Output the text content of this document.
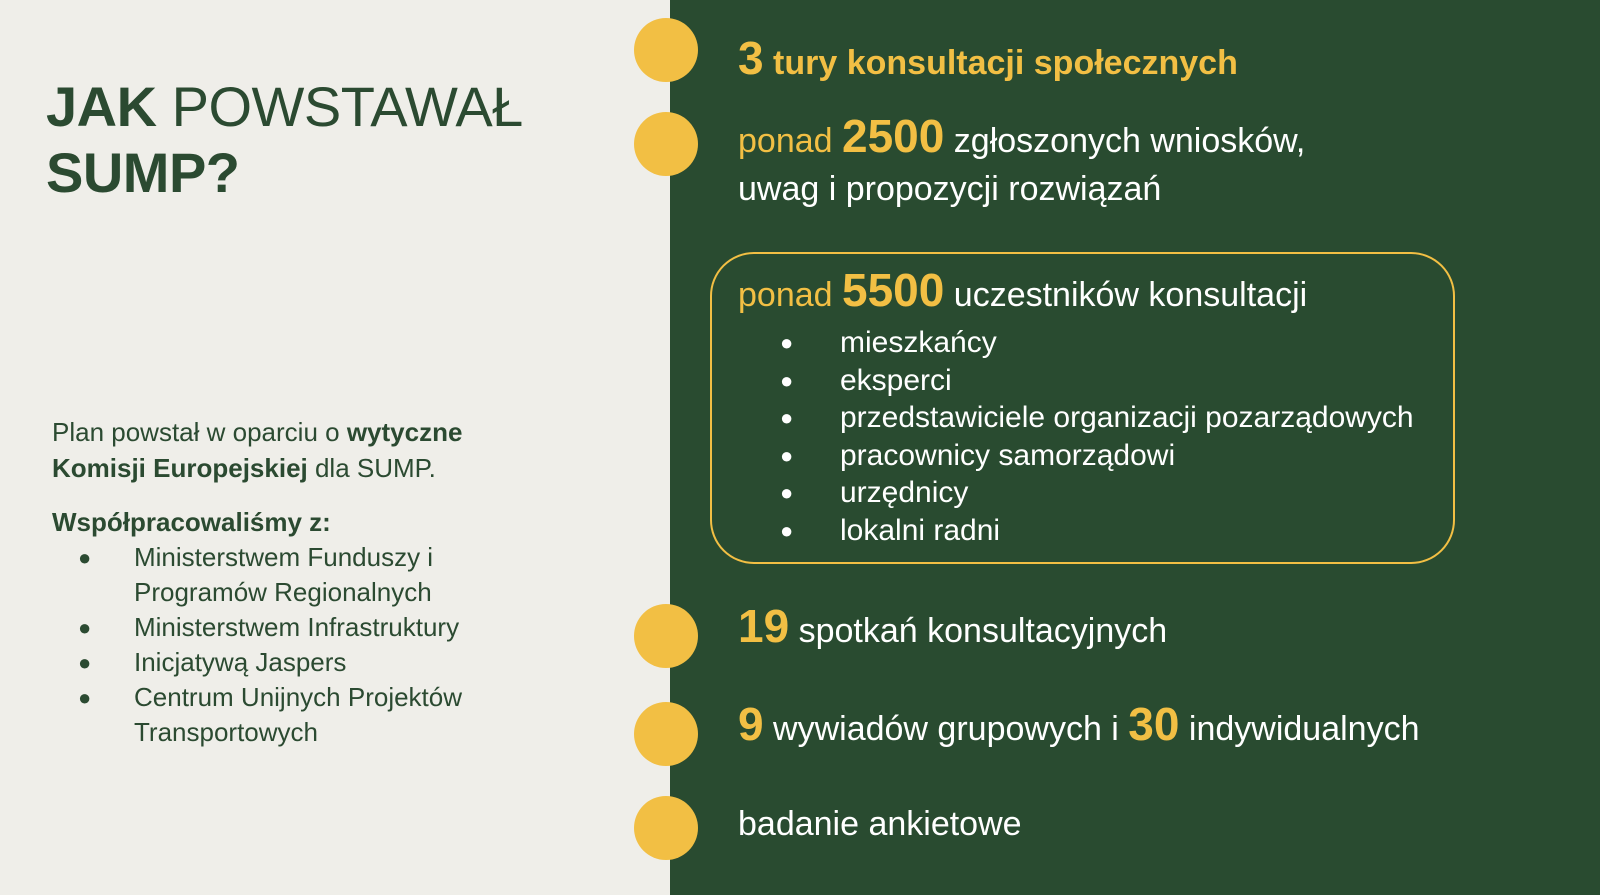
JAK POWSTAWAŁ
SUMP?

Plan powstał w oparciu o wytyczne Komisji Europejskiej dla SUMP.

Współpracowaliśmy z:

● Ministerstwem Funduszy i Programów Regionalnych
● Ministerstwem Infrastruktury
● Inicjatywą Jaspers
● Centrum Unijnych Projektów Transportowych
3 tury konsultacji społecznych
ponad 2500 zgłoszonych wniosków,
uwag i propozycji rozwiązań
ponad 5500 uczestników konsultacji
● mieszkańcy
● eksperci
● przedstawiciele organizacji pozarządowych
● pracownicy samorządowi
● urzędnicy
● lokalni radni
19 spotkań konsultacyjnych
9 wywiadów grupowych i 30 indywidualnych
badanie ankietowe
